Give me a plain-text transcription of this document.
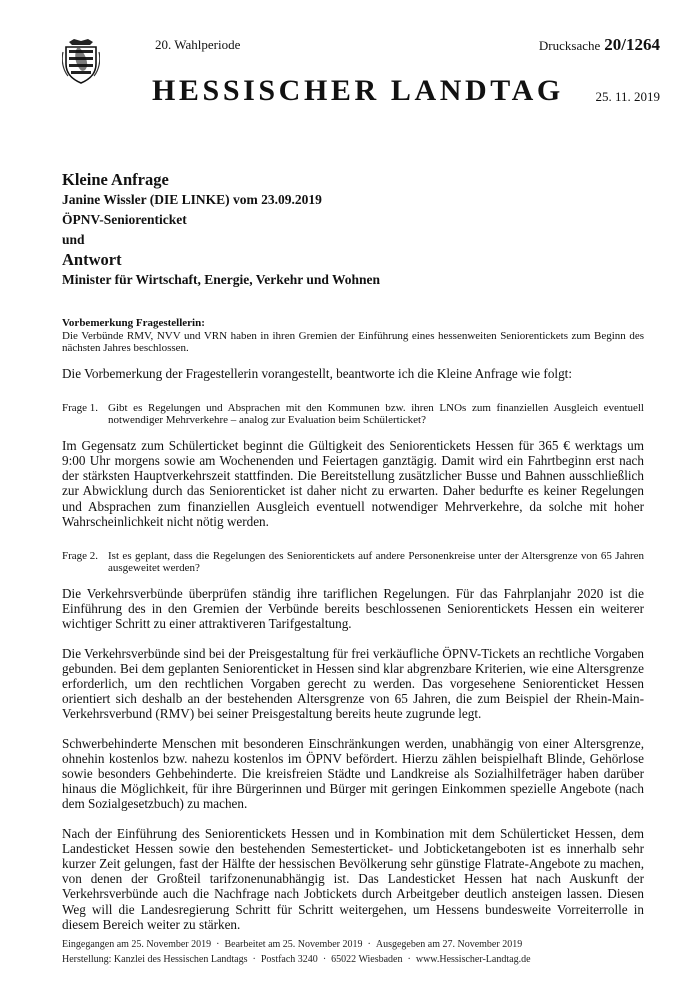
20. Wahlperiode	Drucksache 20/1264
HESSISCHER LANDTAG 25. 11. 2019
Kleine Anfrage
Janine Wissler (DIE LINKE) vom 23.09.2019
ÖPNV-Seniorenticket
und
Antwort
Minister für Wirtschaft, Energie, Verkehr und Wohnen
Vorbemerkung Fragestellerin:
Die Verbünde RMV, NVV und VRN haben in ihren Gremien der Einführung eines hessenweiten Seniorentickets zum Beginn des nächsten Jahres beschlossen.

Die Vorbemerkung der Fragestellerin vorangestellt, beantworte ich die Kleine Anfrage wie folgt:

Frage 1. Gibt es Regelungen und Absprachen mit den Kommunen bzw. ihren LNOs zum finanziellen Ausgleich eventuell notwendiger Mehrverkehre – analog zur Evaluation beim Schülerticket?

Im Gegensatz zum Schülerticket beginnt die Gültigkeit des Seniorentickets Hessen für 365 € werktags um 9:00 Uhr morgens sowie am Wochenenden und Feiertagen ganztägig. Damit wird ein Fahrtbeginn erst nach der stärksten Hauptverkehrszeit stattfinden. Die Bereitstellung zusätzlicher Busse und Bahnen ausschließlich zur Abwicklung durch das Seniorenticket ist daher nicht zu erwarten. Daher bedurfte es keiner Regelungen und Absprachen zum finanziellen Ausgleich eventuell notwendiger Mehrverkehre, da solche mit hoher Wahrscheinlichkeit nicht nötig werden.

Frage 2. Ist es geplant, dass die Regelungen des Seniorentickets auf andere Personenkreise unter der Altersgrenze von 65 Jahren ausgeweitet werden?

Die Verkehrsverbünde überprüfen ständig ihre tariflichen Regelungen. Für das Fahrplanjahr 2020 ist die Einführung des in den Gremien der Verbünde bereits beschlossenen Seniorentickets Hessen ein weiterer wichtiger Schritt zu einer attraktiveren Tarifgestaltung.

Die Verkehrsverbünde sind bei der Preisgestaltung für frei verkäufliche ÖPNV-Tickets an rechtliche Vorgaben gebunden. Bei dem geplanten Seniorenticket in Hessen sind klar abgrenzbare Kriterien, wie eine Altersgrenze erforderlich, um den rechtlichen Vorgaben gerecht zu werden. Das vorgesehene Seniorenticket Hessen orientiert sich deshalb an der bestehenden Altersgrenze von 65 Jahren, die zum Beispiel der Rhein-Main-Verkehrsverbund (RMV) bei seiner Preisgestaltung bereits heute zugrunde legt.

Schwerbehinderte Menschen mit besonderen Einschränkungen werden, unabhängig von einer Altersgrenze, ohnehin kostenlos bzw. nahezu kostenlos im ÖPNV befördert. Hierzu zählen beispielhaft Blinde, Gehörlose sowie besonders Gehbehinderte. Die kreisfreien Städte und Landkreise als Sozialhilfeträger haben darüber hinaus die Möglichkeit, für ihre Bürgerinnen und Bürger mit geringen Einkommen spezielle Angebote (nach dem Sozialgesetzbuch) zu machen.

Nach der Einführung des Seniorentickets Hessen und in Kombination mit dem Schülerticket Hessen, dem Landesticket Hessen sowie den bestehenden Semesterticket- und Jobticketangeboten ist es innerhalb sehr kurzer Zeit gelungen, fast der Hälfte der hessischen Bevölkerung sehr günstige Flatrate-Angebote zu machen, von denen der Großteil tarifzonenunabhängig ist. Das Landesticket Hessen hat nach Auskunft der Verkehrsverbünde auch die Nachfrage nach Jobtickets durch Arbeitgeber deutlich ansteigen lassen. Diesen Weg will die Landesregierung Schritt für Schritt weitergehen, um Hessens bundesweite Vorreiterrolle in diesem Bereich weiter zu stärken.

Eingegangen am 25. November 2019 · Bearbeitet am 25. November 2019 · Ausgegeben am 27. November 2019
Herstellung: Kanzlei des Hessischen Landtags · Postfach 3240 · 65022 Wiesbaden · www.Hessischer-Landtag.de
